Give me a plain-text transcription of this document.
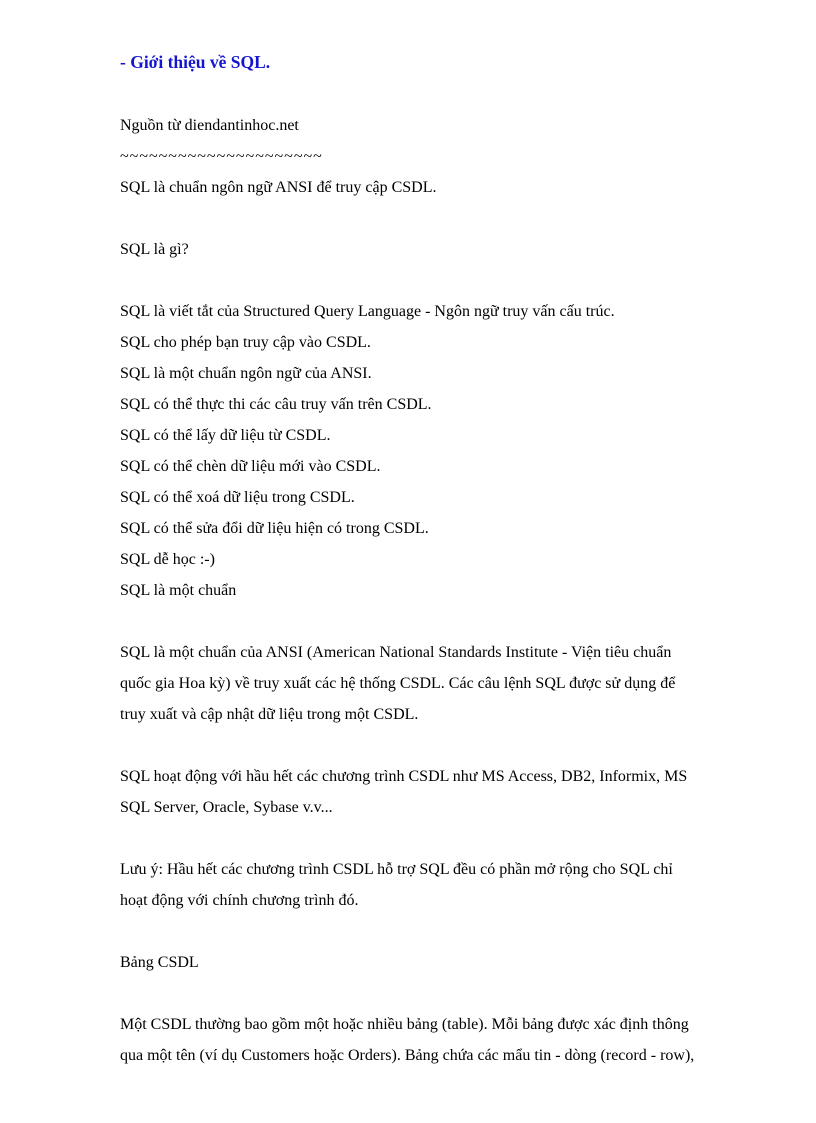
- Giới thiệu về SQL.

Nguồn từ diendantinhoc.net

~~~~~~~~~~~~~~~~~~~~~

SQL là chuẩn ngôn ngữ ANSI để truy cập CSDL.

SQL là gì?

SQL là viết tắt của Structured Query Language - Ngôn ngữ truy vấn cấu trúc.

SQL cho phép bạn truy cập vào CSDL.

SQL là một chuẩn ngôn ngữ của ANSI.

SQL có thể thực thi các câu truy vấn trên CSDL.

SQL có thể lấy dữ liệu từ CSDL.

SQL có thể chèn dữ liệu mới vào CSDL.

SQL có thể xoá dữ liệu trong CSDL.

SQL có thể sửa đổi dữ liệu hiện có trong CSDL.

SQL dễ học :-)

SQL là một chuẩn

SQL là một chuẩn của ANSI (American National Standards Institute - Viện tiêu chuẩn quốc gia Hoa kỳ) về truy xuất các hệ thống CSDL. Các câu lệnh SQL được sử dụng để truy xuất và cập nhật dữ liệu trong một CSDL.

SQL hoạt động với hầu hết các chương trình CSDL như MS Access, DB2, Informix, MS SQL Server, Oracle, Sybase v.v...

Lưu ý: Hầu hết các chương trình CSDL hỗ trợ SQL đều có phần mở rộng cho SQL chỉ hoạt động với chính chương trình đó.

Bảng CSDL

Một CSDL thường bao gồm một hoặc nhiều bảng (table). Mỗi bảng được xác định thông qua một tên (ví dụ Customers hoặc Orders). Bảng chứa các mẩu tin - dòng (record - row),
